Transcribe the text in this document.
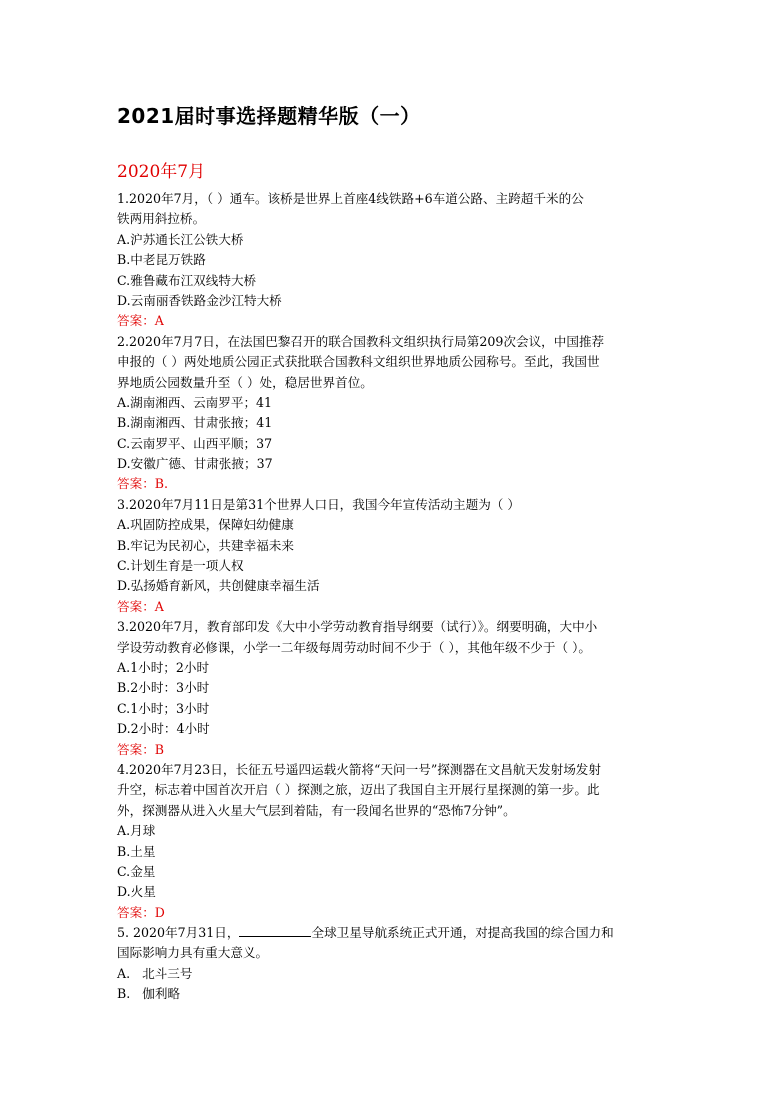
2021届时事选择题精华版（一）
2020年7月
1.2020年7月，（ ）通车。该桥是世界上首座4线铁路+6车道公路、主跨超千米的公
铁两用斜拉桥。
A.沪苏通长江公铁大桥
B.中老昆万铁路
C.雅鲁藏布江双线特大桥
D.云南丽香铁路金沙江特大桥
答案：A
2.2020年7月7日，在法国巴黎召开的联合国教科文组织执行局第209次会议，中国推荐
申报的（ ）两处地质公园正式获批联合国教科文组织世界地质公园称号。至此，我国世
界地质公园数量升至（ ）处，稳居世界首位。
A.湖南湘西、云南罗平；41
B.湖南湘西、甘肃张掖；41
C.云南罗平、山西平顺；37
D.安徽广德、甘肃张掖；37
答案：B.
3.2020年7月11日是第31个世界人口日，我国今年宣传活动主题为（ ）
A.巩固防控成果，保障妇幼健康
B.牢记为民初心，共建幸福未来
C.计划生育是一项人权
D.弘扬婚育新风，共创健康幸福生活
答案：A
3.2020年7月，教育部印发《大中小学劳动教育指导纲要（试行）》。纲要明确，大中小
学设劳动教育必修课，小学一二年级每周劳动时间不少于（ ），其他年级不少于（ ）。
A.1小时；2小时
B.2小时：3小时
C.1小时；3小时
D.2小时：4小时
答案：B
4.2020年7月23日，长征五号遥四运载火箭将“天问一号”探测器在文昌航天发射场发射
升空，标志着中国首次开启（ ）探测之旅，迈出了我国自主开展行星探测的第一步。此
外，探测器从进入火星大气层到着陆，有一段闻名世界的“恐怖7分钟”。
A.月球
B.土星
C.金星
D.火星
答案：D
5. 2020年7月31日，	全球卫星导航系统正式开通，对提高我国的综合国力和
国际影响力具有重大意义。
A.   北斗三号
B.   伽利略
